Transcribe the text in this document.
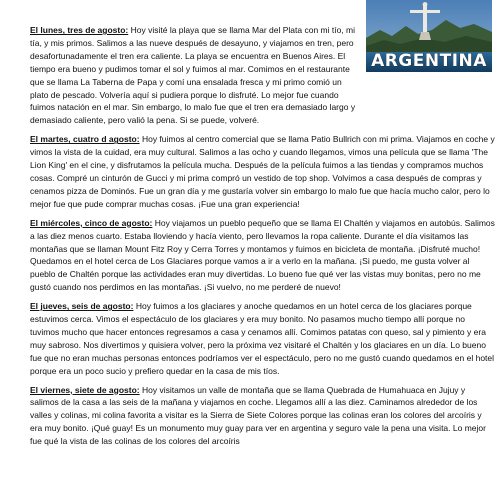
ARGENTINA

El lunes, tres de agosto: Hoy visité la playa que se llama Mar del Plata con mi tío, mi tía, y mis primos. Salimos a las nueve después de desayuno, y viajamos en tren, pero desafortunadamente el tren era caliente. La playa se encuentra en Buenos Aires. El tiempo era bueno y pudimos tomar el sol y fuimos al mar. Comimos en el restaurante que se llama La Taberna de Papa y comí una ensalada fresca y mi primo comió un plato de pescado. Volvería aquí si pudiera porque lo disfruté. Lo mejor fue cuando fuimos natación en el mar. Sin embargo, lo malo fue que el tren era demasiado largo y demasiado caliente, pero valió la pena. Si se puede, volveré.

El martes, cuatro d agosto: Hoy fuimos al centro comercial que se llama Patio Bullrich con mi prima. Viajamos en coche y vimos la vista de la cuidad, era muy cultural. Salimos a las ocho y cuando llegamos, vimos una película que se llama 'The Lion King' en el cine, y disfrutamos la película mucha. Después de la película fuimos a las tiendas y compramos muchos cosas. Compré un cinturón de Gucci y mi prima compró un vestido de top shop. Volvimos a casa después de compras y cenamos pizza de Dominós. Fue un gran día y me gustaría volver sin embargo lo malo fue que hacía mucho calor, pero lo mejor fue que pude comprar muchas cosas. ¡Fue una gran experiencia!

El miércoles, cinco de agosto: Hoy viajamos un pueblo pequeño que se llama El Chaltén y viajamos en autobús. Salimos a las diez menos cuarto. Estaba lloviendo y hacía viento, pero llevamos la ropa caliente. Durante el día visitamos las montañas que se llaman Mount Fitz Roy y Cerra Torres y montamos y fuimos en bicicleta de montaña. ¡Disfruté mucho! Quedamos en el hotel cerca de Los Glaciares porque vamos a ir a verlo en la mañana. ¡Si puedo, me gusta volver al pueblo de Chaltén porque las actividades eran muy divertidas. Lo bueno fue qué ver las vistas muy bonitas, pero no me gustó cuando nos perdimos en las montañas. ¡Si vuelvo, no me perderé de nuevo!

El jueves, seis de agosto: Hoy fuimos a los glaciares y anoche quedamos en un hotel cerca de los glaciares porque estuvimos cerca. Vimos el espectáculo de los glaciares y era muy bonito. No pasamos mucho tiempo allí porque no tuvimos mucho que hacer entonces regresamos a casa y cenamos allí. Comimos patatas con queso, sal y pimiento y era muy sabroso. Nos divertimos y quisiera volver, pero la próxima vez visitaré el Chaltén y los glaciares en un día. Lo bueno fue que no eran muchas personas entonces podríamos ver el espectáculo, pero no me gustó cuando quedamos en el hotel porque era un poco sucio y prefiero quedar en la casa de mis tíos.

El viernes, siete de agosto: Hoy visitamos un valle de montaña que se llama Quebrada de Humahuaca en Jujuy y salimos de la casa a las seis de la mañana y viajamos en coche. Llegamos allí a las diez. Caminamos alrededor de los valles y colinas, mi colina favorita a visitar es la Sierra de Siete Colores porque las colinas eran los colores del arcoíris y era muy bonito. ¡Qué guay! Es un monumento muy guay para ver en argentina y seguro vale la pena una visita. Lo mejor fue qué la vista de las colinas de los colores del arcoíris
